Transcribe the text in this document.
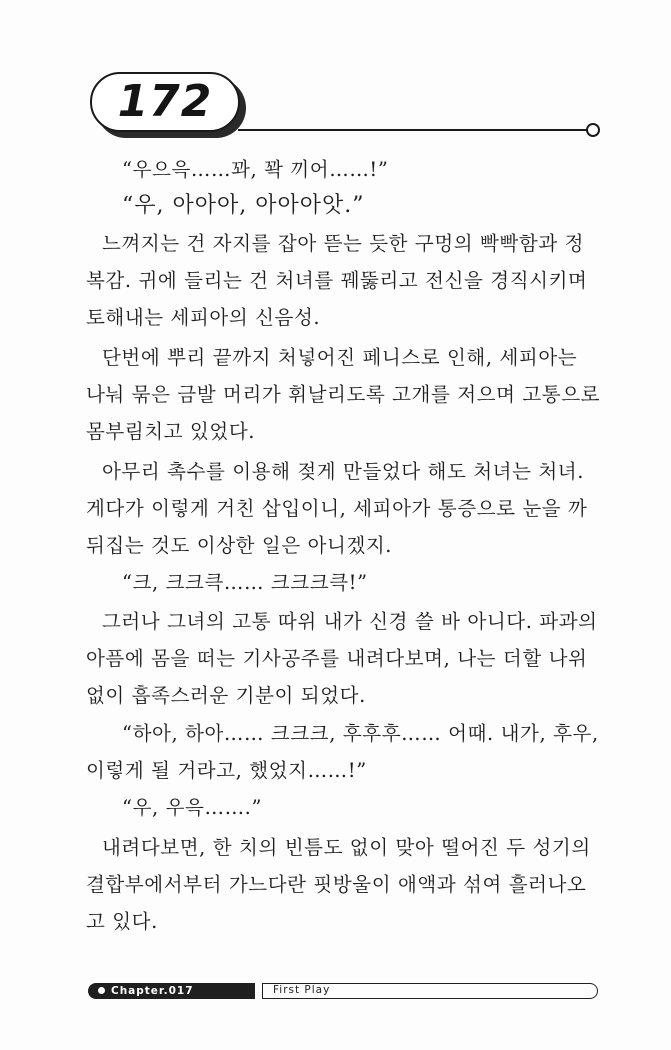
172
“우으윽……꽈, 꽉 끼어……!”
“우, 아아아, 아아아앗.”
느껴지는 건 자지를 잡아 뜯는 듯한 구멍의 빡빡함과 정
복감. 귀에 들리는 건 처녀를 꿰뚫리고 전신을 경직시키며
토해내는 세피아의 신음성.
단번에 뿌리 끝까지 처넣어진 페니스로 인해, 세피아는
나눠 묶은 금발 머리가 휘날리도록 고개를 저으며 고통으로
몸부림치고 있었다.
아무리 촉수를 이용해 젖게 만들었다 해도 처녀는 처녀.
게다가 이렇게 거친 삽입이니, 세피아가 통증으로 눈을 까
뒤집는 것도 이상한 일은 아니겠지.
“크, 크크큭…… 크크크큭!”
그러나 그녀의 고통 따위 내가 신경 쓸 바 아니다. 파과의
아픔에 몸을 떠는 기사공주를 내려다보며, 나는 더할 나위
없이 흡족스러운 기분이 되었다.
“하아, 하아…… 크크크, 후후후…… 어때. 내가, 후우,
이렇게 될 거라고, 했었지……!”
“우, 우윽…….”
내려다보면, 한 치의 빈틈도 없이 맞아 떨어진 두 성기의
결합부에서부터 가느다란 핏방울이 애액과 섞여 흘러나오
고 있다.
Chapter.017	First Play
